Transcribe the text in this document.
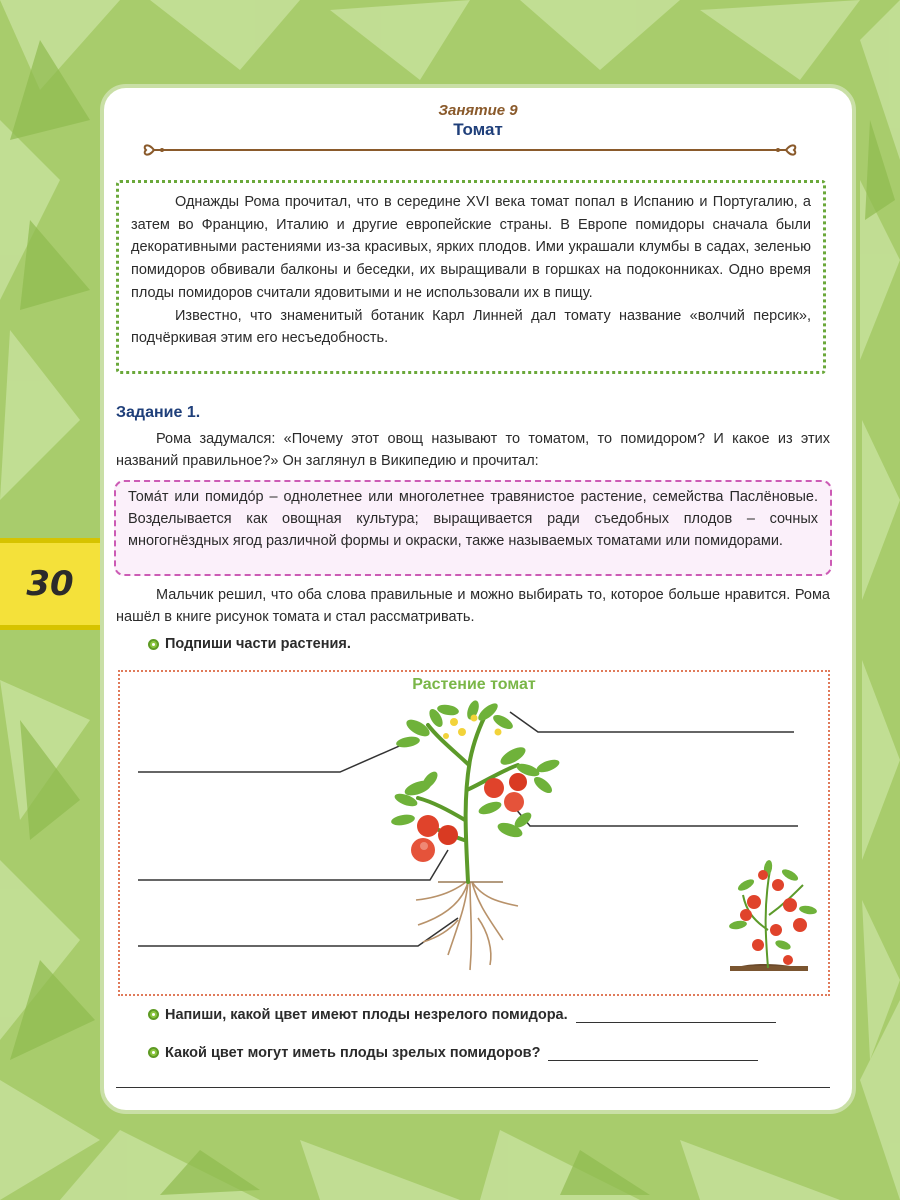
30
Занятие 9
Томат

Однажды Рома прочитал, что в середине XVI века томат попал в Испанию и Португалию, а затем во Францию, Италию и другие европейские страны. В Европе помидоры сначала были декоративными растениями из-за красивых, ярких плодов. Ими украшали клумбы в садах, зеленью помидоров обвивали балконы и беседки, их выращивали в горшках на подоконниках. Одно время плоды помидоров считали ядовитыми и не использовали их в пищу.

Известно, что знаменитый ботаник Карл Линней дал томату название «волчий персик», подчёркивая этим его несъедобность.

Задание 1.

Рома задумался: «Почему этот овощ называют то томатом, то помидором? И какое из этих названий правильное?» Он заглянул в Википедию и прочитал:

Тома́т или помидо́р – однолетнее или многолетнее травянистое растение, семейства Паслёновые. Возделывается как овощная культура; выращивается ради съедобных плодов – сочных многогнёздных ягод различной формы и окраски, также называемых томатами или помидорами.

Мальчик решил, что оба слова правильные и можно выбирать то, которое больше нравится. Рома нашёл в книге рисунок томата и стал рассматривать.

Подпиши части растения.
Растение томат
Напиши, какой цвет имеют плоды незрелого помидора.
Какой цвет могут иметь плоды зрелых помидоров?
